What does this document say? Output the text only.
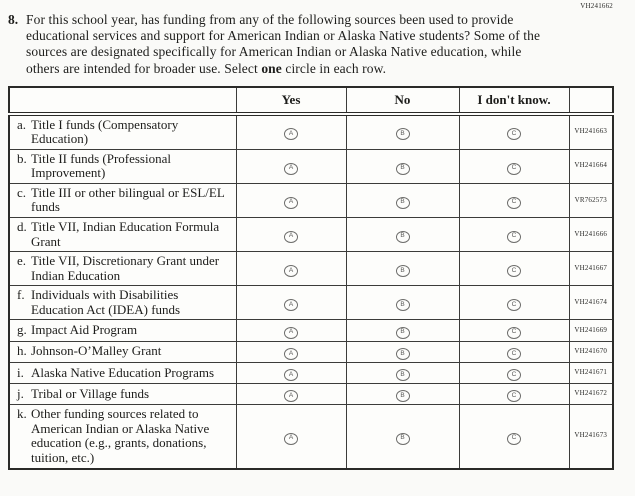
VH241662
8. For this school year, has funding from any of the following sources been used to provide educational services and support for American Indian or Alaska Native students? Some of the sources are designated specifically for American Indian or Alaska Native education, while others are intended for broader use. Select one circle in each row.
	Yes	No	I don't know.	

a. Title I funds (Compensatory Education)	A	B	C	VH241663

b. Title II funds (Professional Improvement)	A	B	C	VH241664

c. Title III or other bilingual or ESL/EL funds	A	B	C	VR762573

d. Title VII, Indian Education Formula Grant	A	B	C	VH241666

e. Title VII, Discretionary Grant under Indian Education	A	B	C	VH241667

f. Individuals with Disabilities Education Act (IDEA) funds	A	B	C	VH241674

g. Impact Aid Program	A	B	C	VH241669

h. Johnson-O’Malley Grant	A	B	C	VH241670

i. Alaska Native Education Programs	A	B	C	VH241671

j. Tribal or Village funds	A	B	C	VH241672

k. Other funding sources related to American Indian or Alaska Native education (e.g., grants, donations, tuition, etc.)	A	B	C	VH241673
